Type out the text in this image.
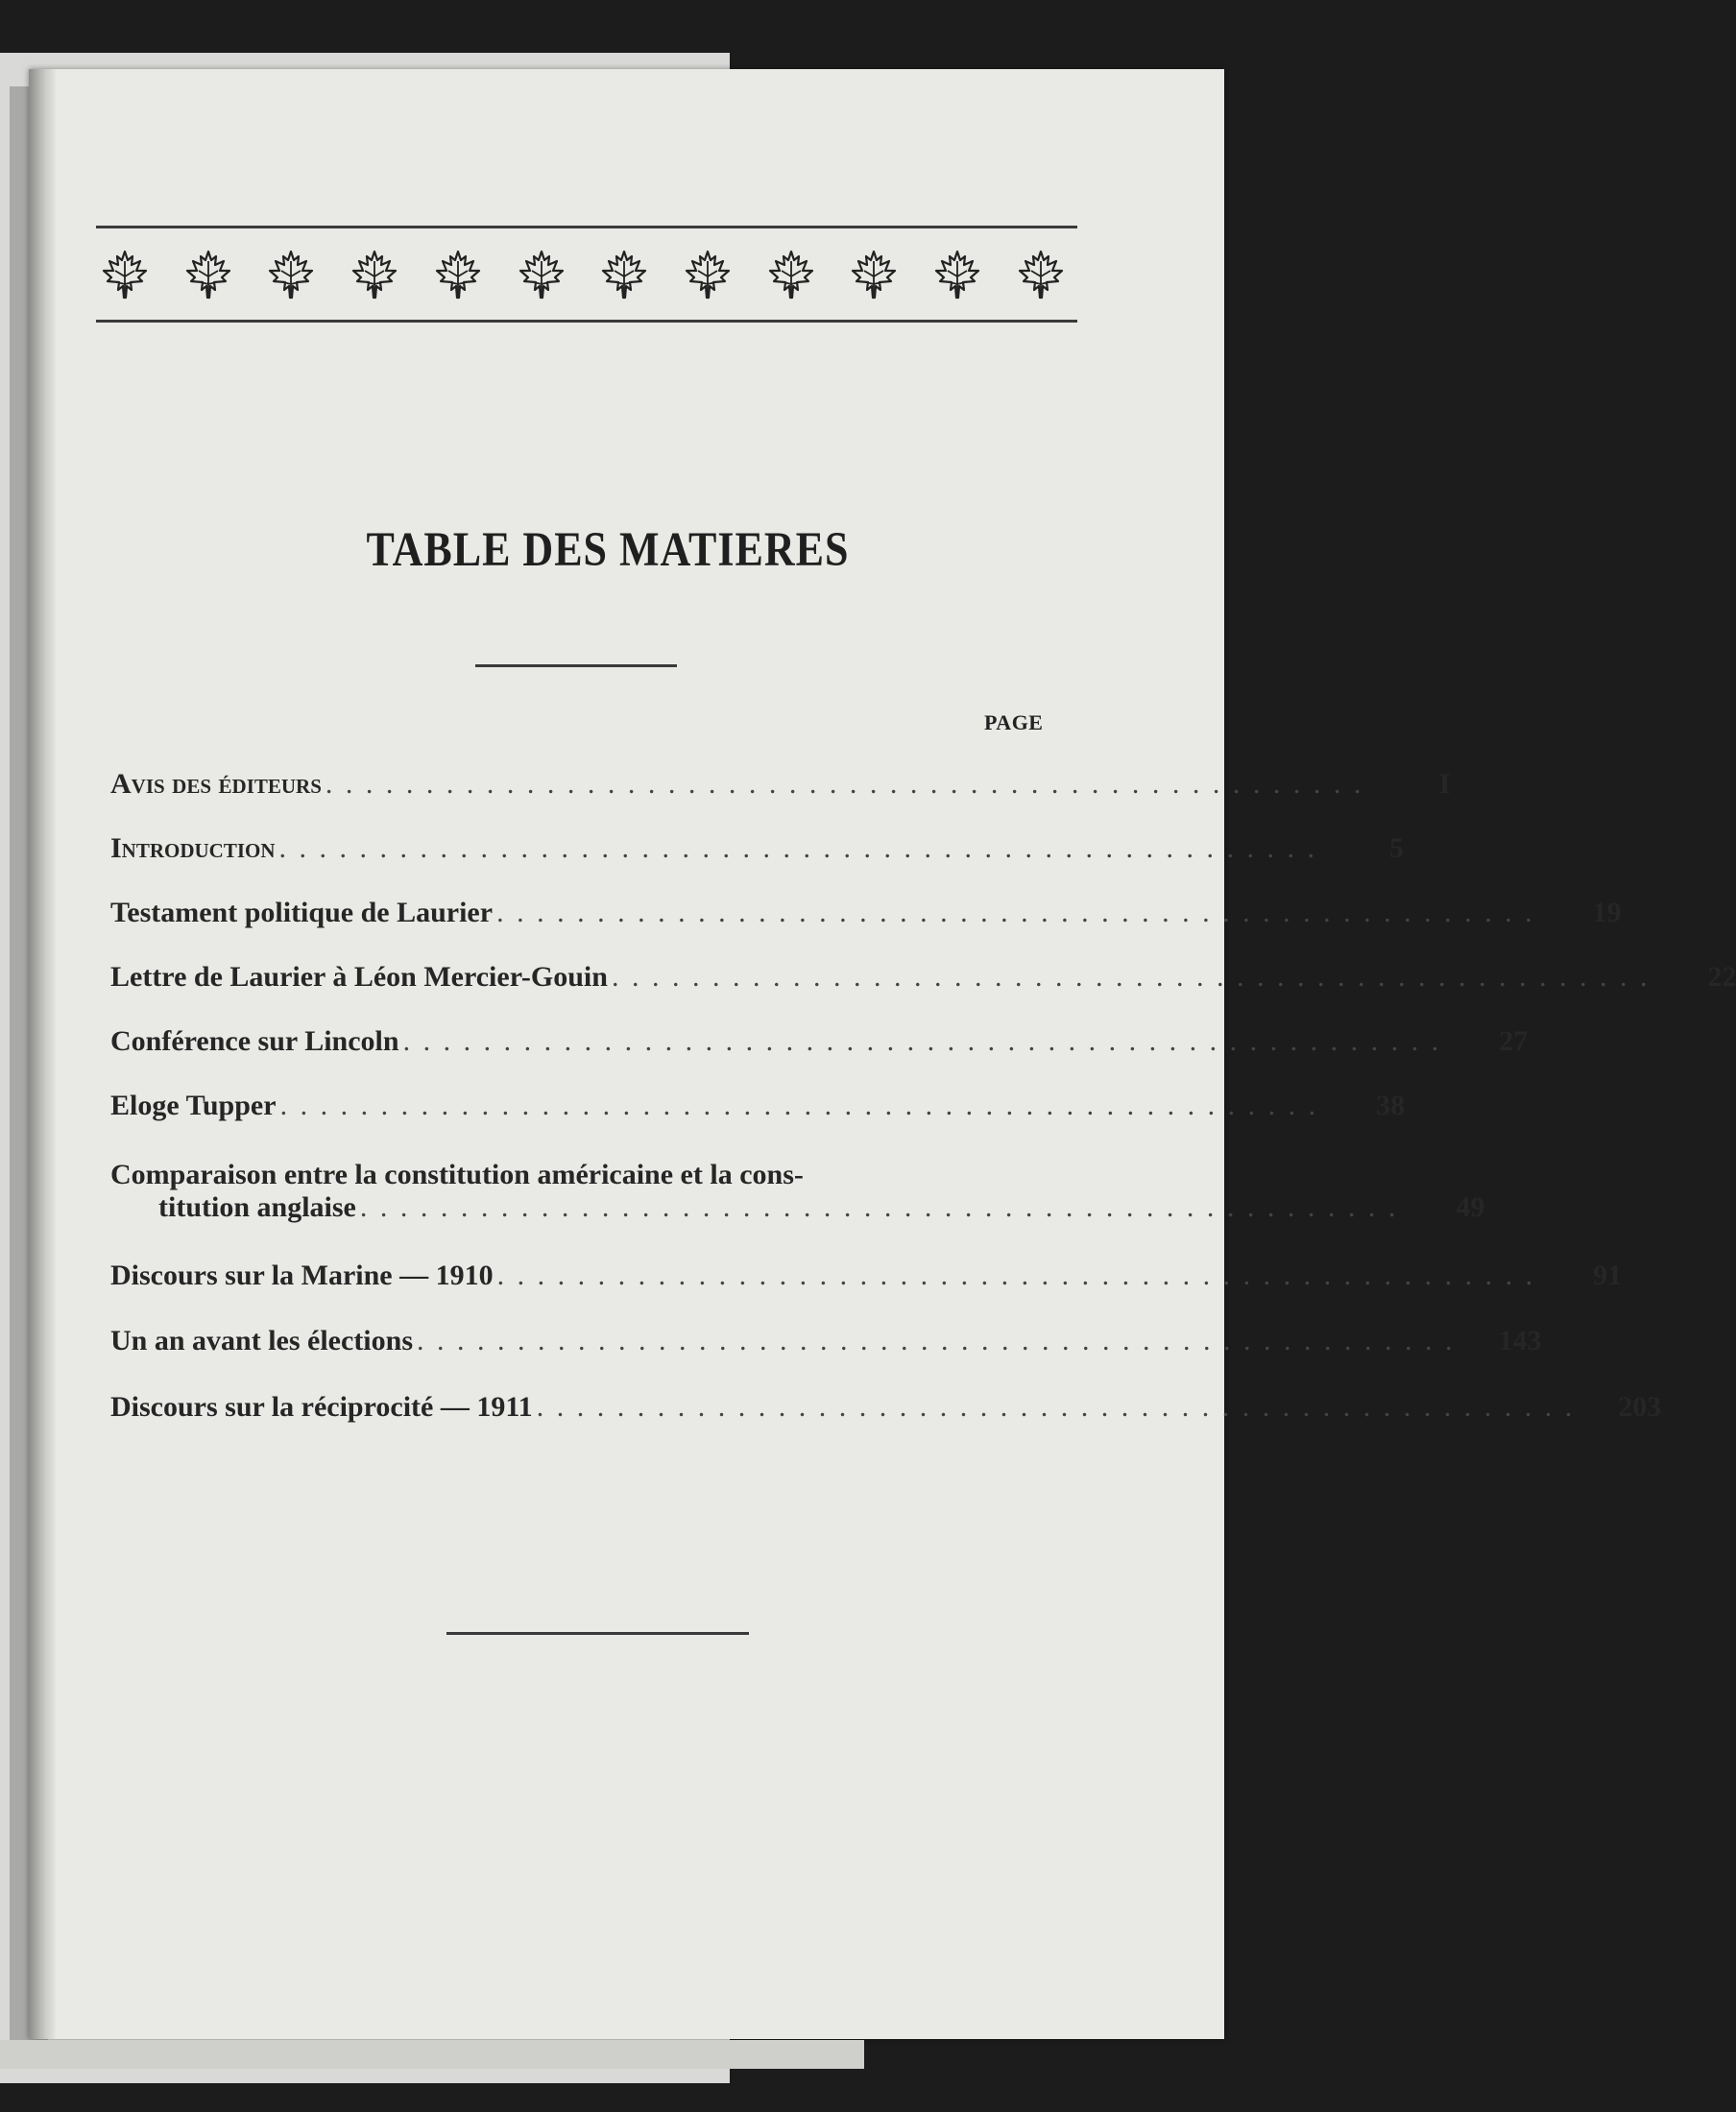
TABLE DES MATIERES
PAGE
Avis des éditeurs . . . . . . . . . . . . . . . . . . . . . . . . . . . . . . . . . . . . . . . . . . . . . . . . . . . .	I
Introduction . . . . . . . . . . . . . . . . . . . . . . . . . . . . . . . . . . . . . . . . . . . . . . . . . . . .	5
Testament politique de Laurier . . . . . . . . . . . . . . . . . . . . . . . . . . . . . . . . . . . . . . . . . . . . . . . . . . . .	19
Lettre de Laurier à Léon Mercier-Gouin . . . . . . . . . . . . . . . . . . . . . . . . . . . . . . . . . . . . . . . . . . . . . . . . . . . .	22
Conférence sur Lincoln . . . . . . . . . . . . . . . . . . . . . . . . . . . . . . . . . . . . . . . . . . . . . . . . . . . .	27
Eloge Tupper . . . . . . . . . . . . . . . . . . . . . . . . . . . . . . . . . . . . . . . . . . . . . . . . . . . .	38
Comparaison entre la constitution américaine et la cons-
titution anglaise . . . . . . . . . . . . . . . . . . . . . . . . . . . . . . . . . . . . . . . . . . . . . . . . . . . .	49
Discours sur la Marine — 1910 . . . . . . . . . . . . . . . . . . . . . . . . . . . . . . . . . . . . . . . . . . . . . . . . . . . .	91
Un an avant les élections . . . . . . . . . . . . . . . . . . . . . . . . . . . . . . . . . . . . . . . . . . . . . . . . . . . .	143
Discours sur la réciprocité — 1911 . . . . . . . . . . . . . . . . . . . . . . . . . . . . . . . . . . . . . . . . . . . . . . . . . . . .	203
